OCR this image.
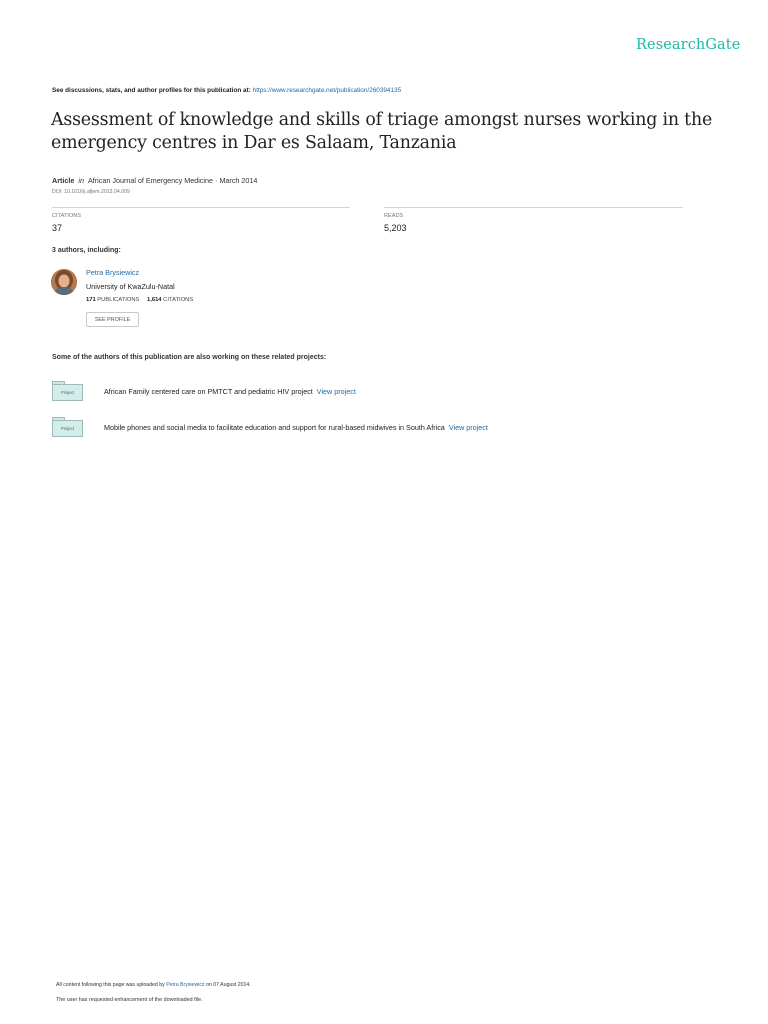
ResearchGate
See discussions, stats, and author profiles for this publication at: https://www.researchgate.net/publication/260394135
Assessment of knowledge and skills of triage amongst nurses working in the emergency centres in Dar es Salaam, Tanzania
Article in African Journal of Emergency Medicine · March 2014
DOI: 10.1016/j.afjem.2013.04.009
CITATIONS
37
READS
5,203
3 authors, including:
Petra Brysiewicz
University of KwaZulu-Natal
171 PUBLICATIONS 1,614 CITATIONS
SEE PROFILE
Some of the authors of this publication are also working on these related projects:
Project	African Family centered care on PMTCT and pediatric HIV project View project
Project	Mobile phones and social media to facilitate education and support for rural-based midwives in South Africa View project
All content following this page was uploaded by Petra Brysiewicz on 07 August 2014.
The user has requested enhancement of the downloaded file.
